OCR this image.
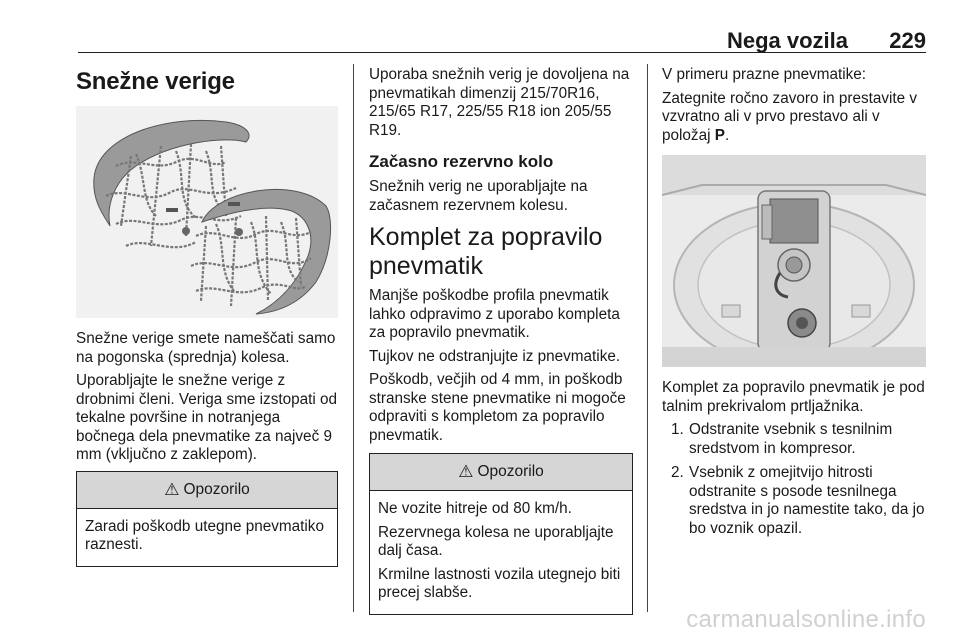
Nega vozila 229
Snežne verige

Snežne verige smete nameščati samo na pogonska (sprednja) kolesa.

Uporabljajte le snežne verige z drobnimi členi. Veriga sme izstopati od tekalne površine in notranjega bočnega dela pnevmatike za največ 9 mm (vključno z zaklepom).

⚠ Opozorilo

Zaradi poškodb utegne pnevmatiko raznesti.

Uporaba snežnih verig je dovoljena na pnevmatikah dimenzij 215/70R16, 215/65 R17, 225/55 R18 ion 205/55 R19.

Začasno rezervno kolo

Snežnih verig ne uporabljajte na začasnem rezervnem kolesu.

Komplet za popravilo pnevmatik

Manjše poškodbe profila pnevmatik lahko odpravimo z uporabo kompleta za popravilo pnevmatik.

Tujkov ne odstranjujte iz pnevmatike.

Poškodb, večjih od 4 mm, in poškodb stranske stene pnevmatike ni mogoče odpraviti s kompletom za popravilo pnevmatik.

⚠ Opozorilo

Ne vozite hitreje od 80 km/h.

Rezervnega kolesa ne uporabljajte dalj časa.

Krmilne lastnosti vozila utegnejo biti precej slabše.

V primeru prazne pnevmatike:

Zategnite ročno zavoro in prestavite v vzvratno ali v prvo prestavo ali v položaj P.

Komplet za popravilo pnevmatik je pod talnim prekrivalom prtljažnika.

1. Odstranite vsebnik s tesnilnim sredstvom in kompresor.
2. Vsebnik z omejitvijo hitrosti odstranite s posode tesnilnega sredstva in jo namestite tako, da jo bo voznik opazil.
carmanualsonline.info
